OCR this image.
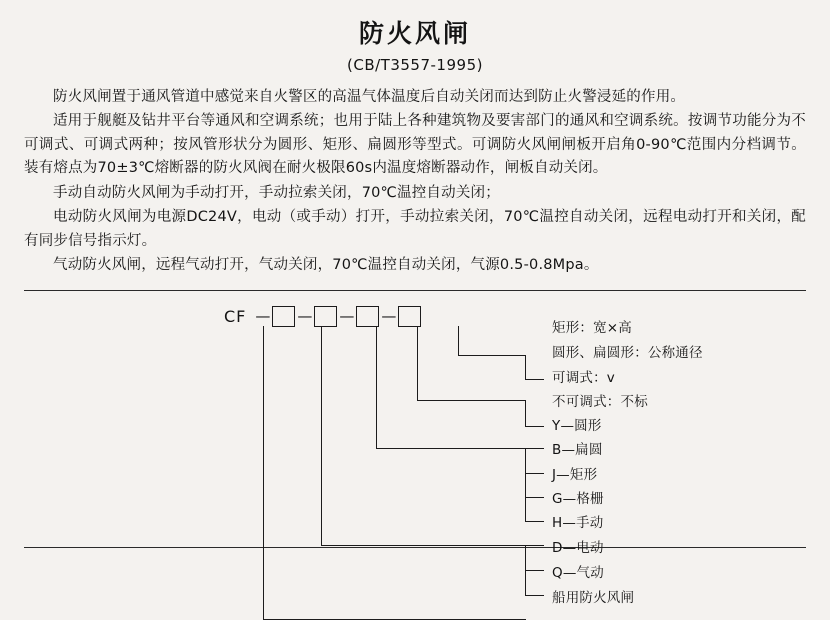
防火风闸
(CB/T3557-1995)

防火风闸置于通风管道中感觉来自火警区的高温气体温度后自动关闭而达到防止火警浸延的作用。

适用于舰艇及钻井平台等通风和空调系统；也用于陆上各种建筑物及要害部门的通风和空调系统。按调节功能分为不可调式、可调式两种；按风管形状分为圆形、矩形、扁圆形等型式。可调防火风闸闸板开启角0-90℃范围内分档调节。装有熔点为70±3℃熔断器的防火风阀在耐火极限60s内温度熔断器动作，闸板自动关闭。

手动自动防火风闸为手动打开，手动拉索关闭，70℃温控自动关闭；

电动防火风闸为电源DC24V，电动（或手动）打开，手动拉索关闭，70℃温控自动关闭，远程电动打开和关闭，配有同步信号指示灯。

气动防火风闸，远程气动打开，气动关闭，70℃温控自动关闭，气源0.5-0.8Mpa。

CF — — — —
矩形：宽×高
圆形、扁圆形：公称通径
可调式：v
不可调式：不标
Y—圆形
B—扁圆
J—矩形
G—格栅
H—手动
D—电动
Q—气动
船用防火风闸
